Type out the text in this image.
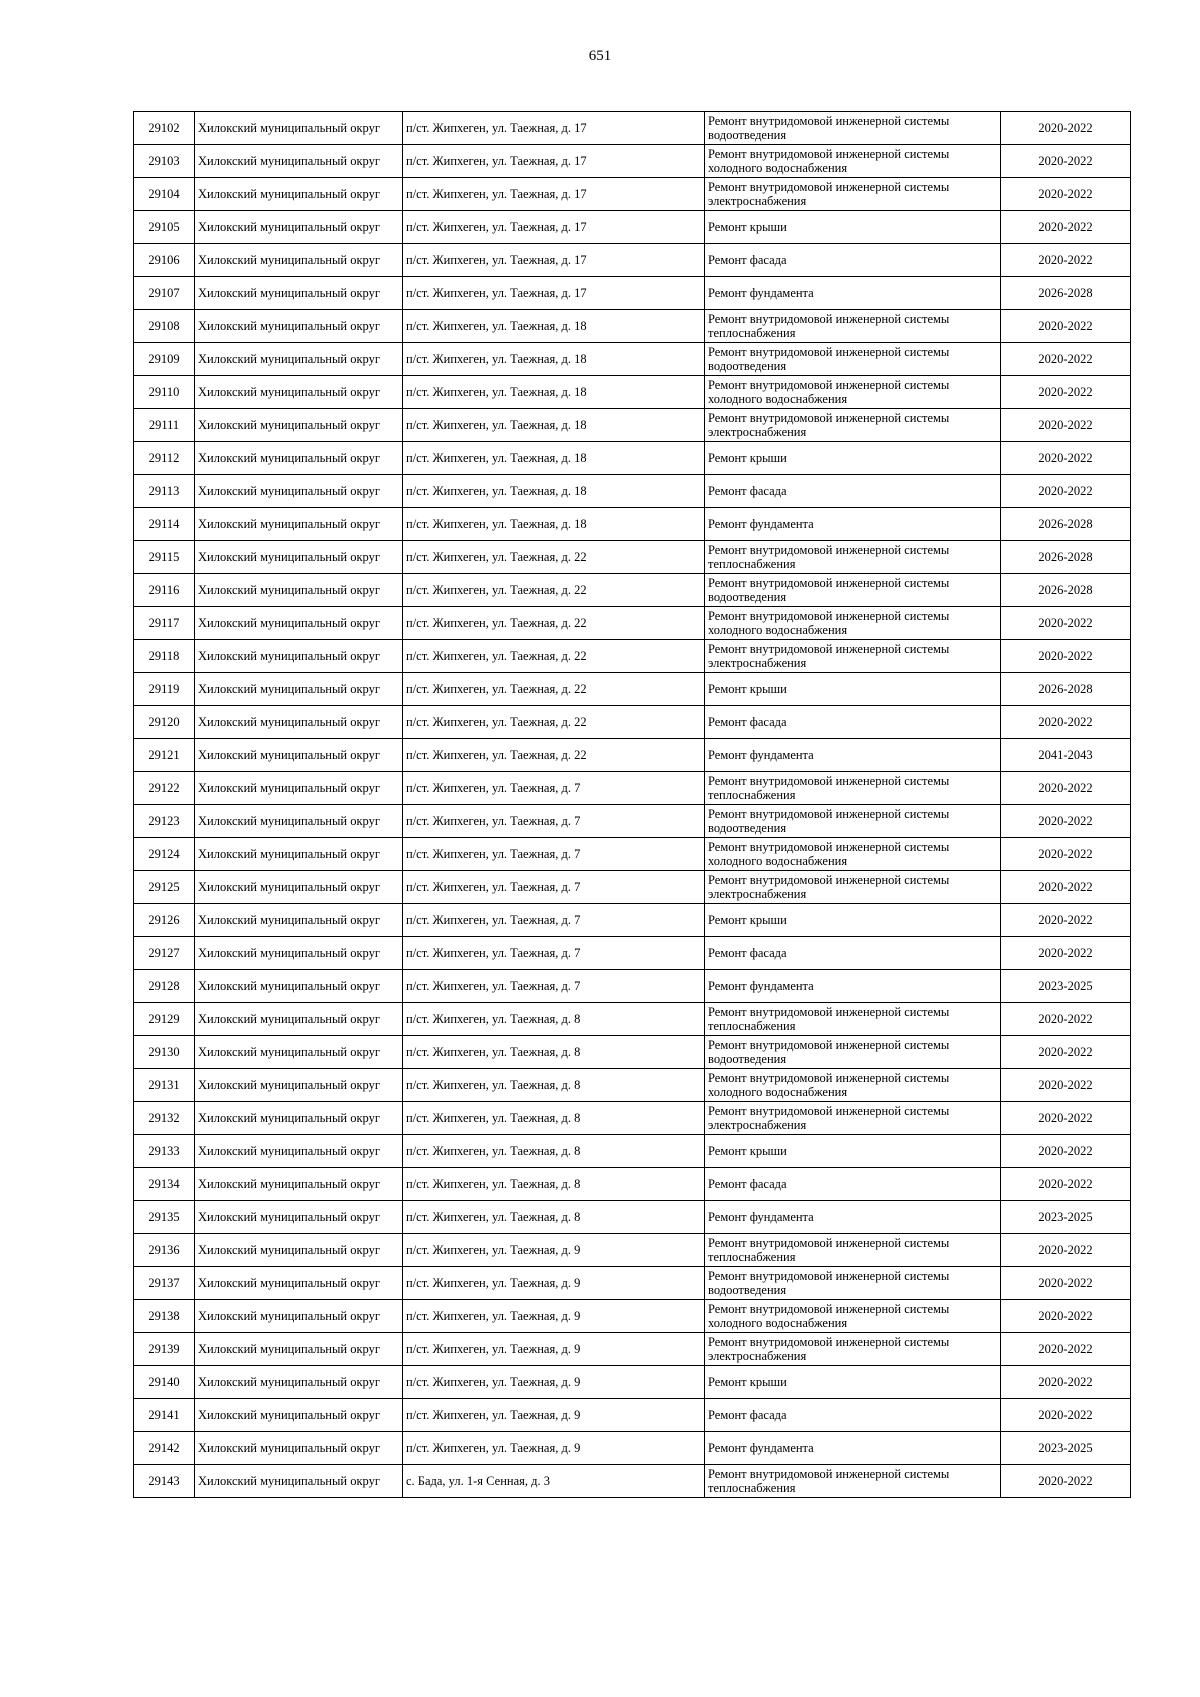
651
29102	Хилокский муниципальный округ	п/ст. Жипхеген, ул. Таежная, д. 17	Ремонт внутридомовой инженерной системы водоотведения	2020-2022
29103	Хилокский муниципальный округ	п/ст. Жипхеген, ул. Таежная, д. 17	Ремонт внутридомовой инженерной системы холодного водоснабжения	2020-2022
29104	Хилокский муниципальный округ	п/ст. Жипхеген, ул. Таежная, д. 17	Ремонт внутридомовой инженерной системы электроснабжения	2020-2022
29105	Хилокский муниципальный округ	п/ст. Жипхеген, ул. Таежная, д. 17	Ремонт крыши	2020-2022
29106	Хилокский муниципальный округ	п/ст. Жипхеген, ул. Таежная, д. 17	Ремонт фасада	2020-2022
29107	Хилокский муниципальный округ	п/ст. Жипхеген, ул. Таежная, д. 17	Ремонт фундамента	2026-2028
29108	Хилокский муниципальный округ	п/ст. Жипхеген, ул. Таежная, д. 18	Ремонт внутридомовой инженерной системы теплоснабжения	2020-2022
29109	Хилокский муниципальный округ	п/ст. Жипхеген, ул. Таежная, д. 18	Ремонт внутридомовой инженерной системы водоотведения	2020-2022
29110	Хилокский муниципальный округ	п/ст. Жипхеген, ул. Таежная, д. 18	Ремонт внутридомовой инженерной системы холодного водоснабжения	2020-2022
29111	Хилокский муниципальный округ	п/ст. Жипхеген, ул. Таежная, д. 18	Ремонт внутридомовой инженерной системы электроснабжения	2020-2022
29112	Хилокский муниципальный округ	п/ст. Жипхеген, ул. Таежная, д. 18	Ремонт крыши	2020-2022
29113	Хилокский муниципальный округ	п/ст. Жипхеген, ул. Таежная, д. 18	Ремонт фасада	2020-2022
29114	Хилокский муниципальный округ	п/ст. Жипхеген, ул. Таежная, д. 18	Ремонт фундамента	2026-2028
29115	Хилокский муниципальный округ	п/ст. Жипхеген, ул. Таежная, д. 22	Ремонт внутридомовой инженерной системы теплоснабжения	2026-2028
29116	Хилокский муниципальный округ	п/ст. Жипхеген, ул. Таежная, д. 22	Ремонт внутридомовой инженерной системы водоотведения	2026-2028
29117	Хилокский муниципальный округ	п/ст. Жипхеген, ул. Таежная, д. 22	Ремонт внутридомовой инженерной системы холодного водоснабжения	2020-2022
29118	Хилокский муниципальный округ	п/ст. Жипхеген, ул. Таежная, д. 22	Ремонт внутридомовой инженерной системы электроснабжения	2020-2022
29119	Хилокский муниципальный округ	п/ст. Жипхеген, ул. Таежная, д. 22	Ремонт крыши	2026-2028
29120	Хилокский муниципальный округ	п/ст. Жипхеген, ул. Таежная, д. 22	Ремонт фасада	2020-2022
29121	Хилокский муниципальный округ	п/ст. Жипхеген, ул. Таежная, д. 22	Ремонт фундамента	2041-2043
29122	Хилокский муниципальный округ	п/ст. Жипхеген, ул. Таежная, д. 7	Ремонт внутридомовой инженерной системы теплоснабжения	2020-2022
29123	Хилокский муниципальный округ	п/ст. Жипхеген, ул. Таежная, д. 7	Ремонт внутридомовой инженерной системы водоотведения	2020-2022
29124	Хилокский муниципальный округ	п/ст. Жипхеген, ул. Таежная, д. 7	Ремонт внутридомовой инженерной системы холодного водоснабжения	2020-2022
29125	Хилокский муниципальный округ	п/ст. Жипхеген, ул. Таежная, д. 7	Ремонт внутридомовой инженерной системы электроснабжения	2020-2022
29126	Хилокский муниципальный округ	п/ст. Жипхеген, ул. Таежная, д. 7	Ремонт крыши	2020-2022
29127	Хилокский муниципальный округ	п/ст. Жипхеген, ул. Таежная, д. 7	Ремонт фасада	2020-2022
29128	Хилокский муниципальный округ	п/ст. Жипхеген, ул. Таежная, д. 7	Ремонт фундамента	2023-2025
29129	Хилокский муниципальный округ	п/ст. Жипхеген, ул. Таежная, д. 8	Ремонт внутридомовой инженерной системы теплоснабжения	2020-2022
29130	Хилокский муниципальный округ	п/ст. Жипхеген, ул. Таежная, д. 8	Ремонт внутридомовой инженерной системы водоотведения	2020-2022
29131	Хилокский муниципальный округ	п/ст. Жипхеген, ул. Таежная, д. 8	Ремонт внутридомовой инженерной системы холодного водоснабжения	2020-2022
29132	Хилокский муниципальный округ	п/ст. Жипхеген, ул. Таежная, д. 8	Ремонт внутридомовой инженерной системы электроснабжения	2020-2022
29133	Хилокский муниципальный округ	п/ст. Жипхеген, ул. Таежная, д. 8	Ремонт крыши	2020-2022
29134	Хилокский муниципальный округ	п/ст. Жипхеген, ул. Таежная, д. 8	Ремонт фасада	2020-2022
29135	Хилокский муниципальный округ	п/ст. Жипхеген, ул. Таежная, д. 8	Ремонт фундамента	2023-2025
29136	Хилокский муниципальный округ	п/ст. Жипхеген, ул. Таежная, д. 9	Ремонт внутридомовой инженерной системы теплоснабжения	2020-2022
29137	Хилокский муниципальный округ	п/ст. Жипхеген, ул. Таежная, д. 9	Ремонт внутридомовой инженерной системы водоотведения	2020-2022
29138	Хилокский муниципальный округ	п/ст. Жипхеген, ул. Таежная, д. 9	Ремонт внутридомовой инженерной системы холодного водоснабжения	2020-2022
29139	Хилокский муниципальный округ	п/ст. Жипхеген, ул. Таежная, д. 9	Ремонт внутридомовой инженерной системы электроснабжения	2020-2022
29140	Хилокский муниципальный округ	п/ст. Жипхеген, ул. Таежная, д. 9	Ремонт крыши	2020-2022
29141	Хилокский муниципальный округ	п/ст. Жипхеген, ул. Таежная, д. 9	Ремонт фасада	2020-2022
29142	Хилокский муниципальный округ	п/ст. Жипхеген, ул. Таежная, д. 9	Ремонт фундамента	2023-2025
29143	Хилокский муниципальный округ	с. Бада, ул. 1-я Сенная, д. 3	Ремонт внутридомовой инженерной системы теплоснабжения	2020-2022
